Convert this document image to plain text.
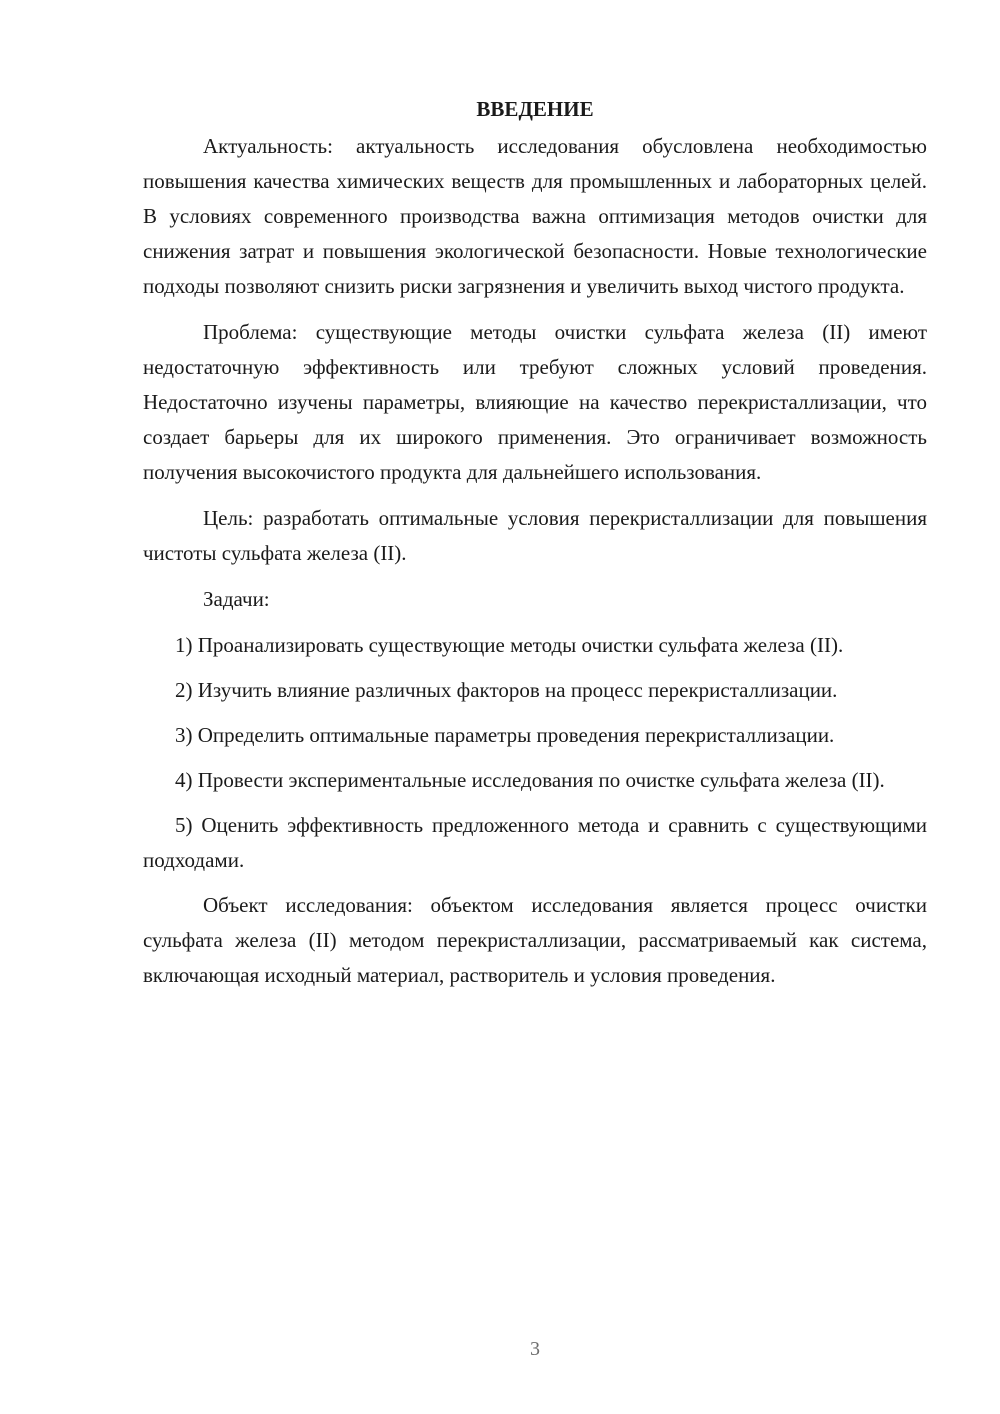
ВВЕДЕНИЕ

Актуальность: актуальность исследования обусловлена необходимостью повышения качества химических веществ для промышленных и лабораторных целей. В условиях современного производства важна оптимизация методов очистки для снижения затрат и повышения экологической безопасности. Новые технологические подходы позволяют снизить риски загрязнения и увеличить выход чистого продукта.

Проблема: существующие методы очистки сульфата железа (II) имеют недостаточную эффективность или требуют сложных условий проведения. Недостаточно изучены параметры, влияющие на качество перекристаллизации, что создает барьеры для их широкого применения. Это ограничивает возможность получения высокочистого продукта для дальнейшего использования.

Цель: разработать оптимальные условия перекристаллизации для повышения чистоты сульфата железа (II).

Задачи:

1) Проанализировать существующие методы очистки сульфата железа (II).
2) Изучить влияние различных факторов на процесс перекристаллизации.
3) Определить оптимальные параметры проведения перекристаллизации.
4) Провести экспериментальные исследования по очистке сульфата железа (II).
5) Оценить эффективность предложенного метода и сравнить с существующими подходами.

Объект исследования: объектом исследования является процесс очистки сульфата железа (II) методом перекристаллизации, рассматриваемый как система, включающая исходный материал, растворитель и условия проведения.

3
